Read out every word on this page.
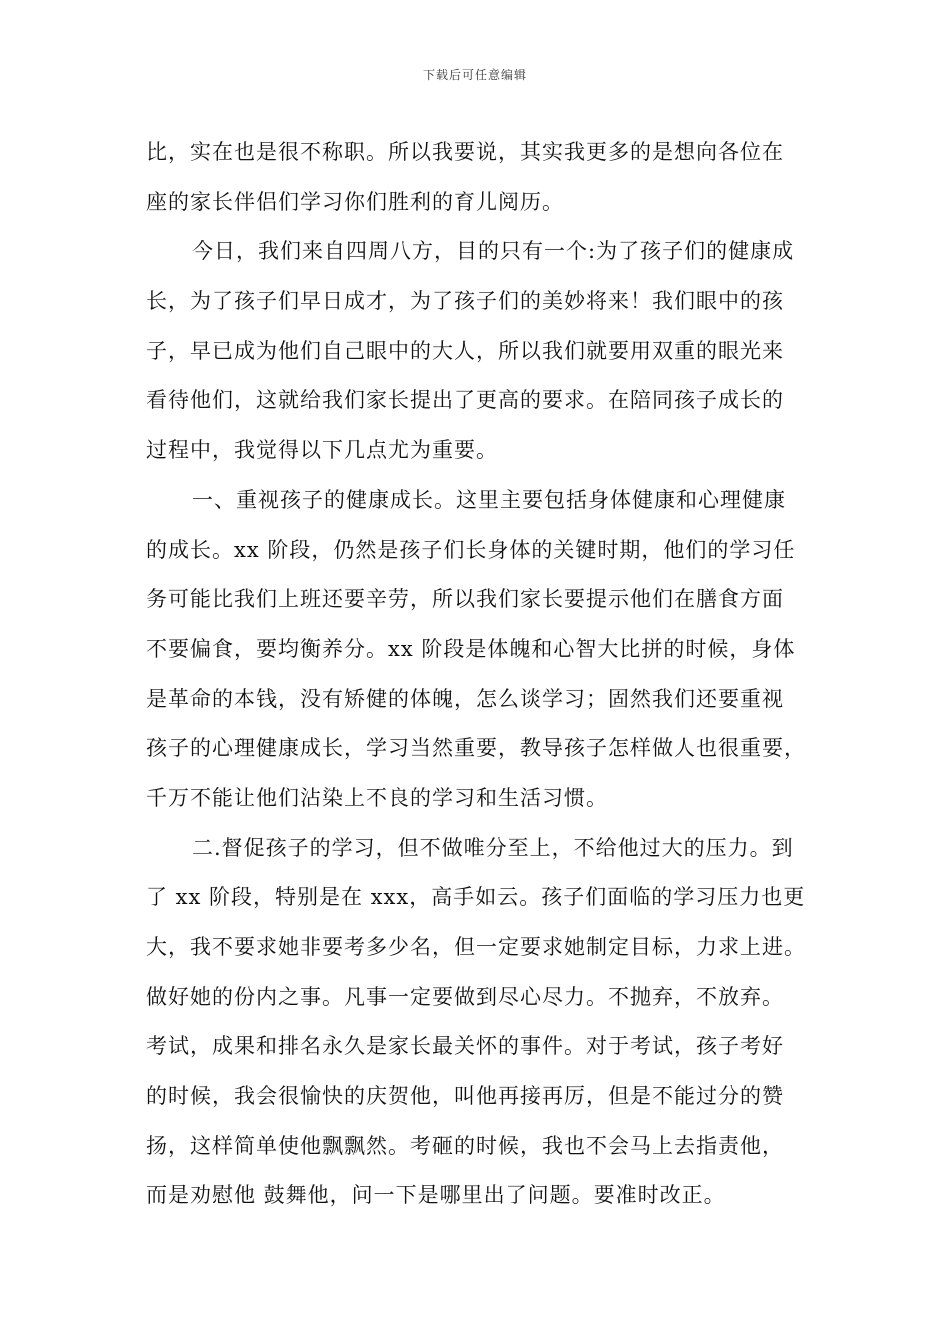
下载后可任意编辑
比，实在也是很不称职。所以我要说，其实我更多的是想向各位在
座的家长伴侣们学习你们胜利的育儿阅历。
今日，我们来自四周八方，目的只有一个:为了孩子们的健康成
长，为了孩子们早日成才，为了孩子们的美妙将来！我们眼中的孩
子，早已成为他们自己眼中的大人，所以我们就要用双重的眼光来
看待他们，这就给我们家长提出了更高的要求。在陪同孩子成长的
过程中，我觉得以下几点尤为重要。
一、重视孩子的健康成长。这里主要包括身体健康和心理健康
的成长。xx 阶段，仍然是孩子们长身体的关键时期，他们的学习任
务可能比我们上班还要辛劳，所以我们家长要提示他们在膳食方面
不要偏食，要均衡养分。xx 阶段是体魄和心智大比拼的时候，身体
是革命的本钱，没有矫健的体魄，怎么谈学习；固然我们还要重视
孩子的心理健康成长，学习当然重要，教导孩子怎样做人也很重要，
千万不能让他们沾染上不良的学习和生活习惯。
二.督促孩子的学习，但不做唯分至上，不给他过大的压力。到
了 xx 阶段，特别是在 xxx，高手如云。孩子们面临的学习压力也更
大，我不要求她非要考多少名，但一定要求她制定目标，力求上进。
做好她的份内之事。凡事一定要做到尽心尽力。不抛弃，不放弃。
考试，成果和排名永久是家长最关怀的事件。对于考试，孩子考好
的时候，我会很愉快的庆贺他，叫他再接再厉，但是不能过分的赞
扬，这样简单使他飘飘然。考砸的时候，我也不会马上去指责他，
而是劝慰他 鼓舞他，问一下是哪里出了问题。要准时改正。
